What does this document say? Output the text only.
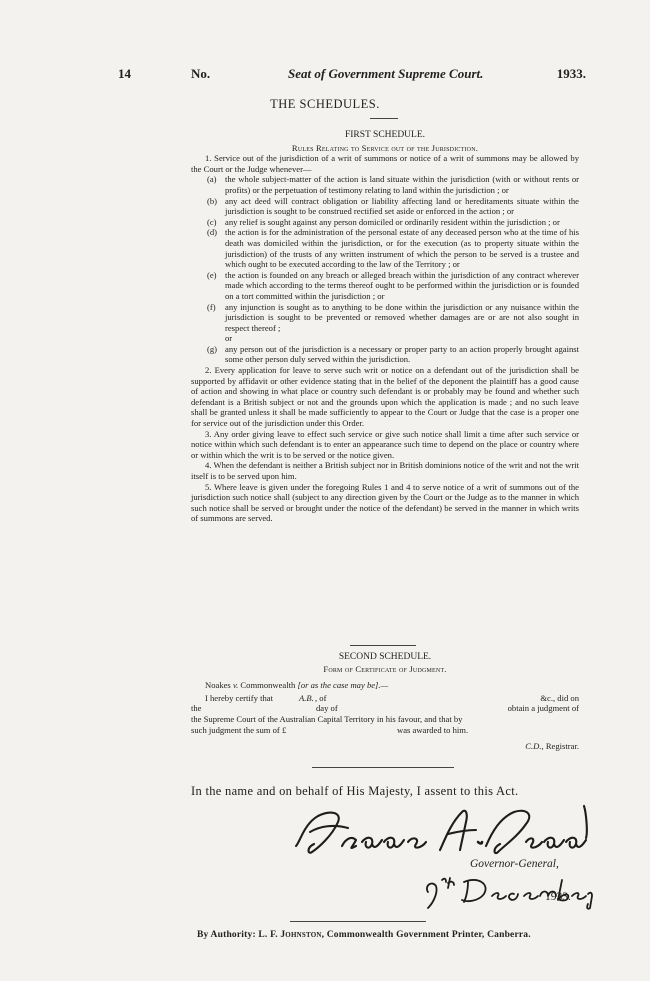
14	No.	Seat of Government Supreme Court.	1933.
THE SCHEDULES.

FIRST SCHEDULE.

Rules Relating to Service out of the Jurisdiction.

1. Service out of the jurisdiction of a writ of summons or notice of a writ of summons may be allowed by the Court or the Judge whenever—

(a) the whole subject-matter of the action is land situate within the jurisdiction (with or without rents or profits) or the perpetuation of testimony relating to land within the jurisdiction ; or

(b) any act deed will contract obligation or liability affecting land or hereditaments situate within the jurisdiction is sought to be construed rectified set aside or enforced in the action ; or

(c) any relief is sought against any person domiciled or ordinarily resident within the jurisdiction ; or

(d) the action is for the administration of the personal estate of any deceased person who at the time of his death was domiciled within the jurisdiction, or for the execution (as to property situate within the jurisdiction) of the trusts of any written instrument of which the person to be served is a trustee and which ought to be executed according to the law of the Territory ; or

(e) the action is founded on any breach or alleged breach within the jurisdiction of any contract wherever made which according to the terms thereof ought to be performed within the jurisdiction or is founded on a tort committed within the jurisdiction ; or

(f) any injunction is sought as to anything to be done within the jurisdiction or any nuisance within the jurisdiction is sought to be prevented or removed whether damages are or are not also sought in respect thereof ;

or

(g) any person out of the jurisdiction is a necessary or proper party to an action properly brought against some other person duly served within the jurisdiction.

2. Every application for leave to serve such writ or notice on a defendant out of the jurisdiction shall be supported by affidavit or other evidence stating that in the belief of the deponent the plaintiff has a good cause of action and showing in what place or country such defendant is or probably may be found and whether such defendant is a British subject or not and the grounds upon which the application is made ; and no such leave shall be granted unless it shall be made sufficiently to appear to the Court or Judge that the case is a proper one for service out of the jurisdiction under this Order.

3. Any order giving leave to effect such service or give such notice shall limit a time after such service or notice within which such defendant is to enter an appearance such time to depend on the place or country where or within which the writ is to be served or the notice given.

4. When the defendant is neither a British subject nor in British dominions notice of the writ and not the writ itself is to be served upon him.

5. Where leave is given under the foregoing Rules 1 and 4 to serve notice of a writ of summons out of the jurisdiction such notice shall (subject to any direction given by the Court or the Judge as to the manner in which such notice shall be served or brought under the notice of the defendant) be served in the manner in which writs of summons are served.

SECOND SCHEDULE.

Form of Certificate of Judgment.

Noakes v. Commonwealth [or as the case may be].—

I hereby certify that	A.B. , of	&c., did on
the	day of	obtain a judgment of

the Supreme Court of the Australian Capital Territory in his favour, and that by

such judgment the sum of £	was awarded to him.
C.D., Registrar.
In the name and on behalf of His Majesty, I assent to this Act.
Governor-General,
1933.
By Authority: L. F. Johnston, Commonwealth Government Printer, Canberra.
